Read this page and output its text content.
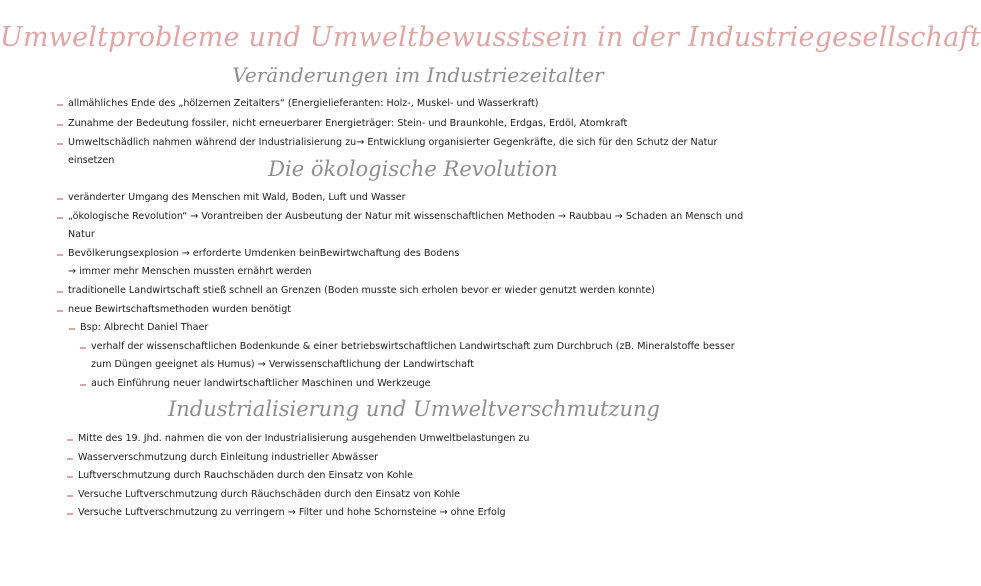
Umweltprobleme und Umweltbewusstsein in der Industriegesellschaft
Veränderungen im Industriezeitalter
allmähliches Ende des „hölzernen Zeitalters“ (Energielieferanten: Holz-, Muskel- und Wasserkraft)
Zunahme der Bedeutung fossiler, nicht erneuerbarer Energieträger: Stein- und Braunkohle, Erdgas, Erdöl, Atomkraft
Umweltschädlich nahmen während der Industrialisierung zu→ Entwicklung organisierter Gegenkräfte, die sich für den Schutz der Natur
einsetzen	Die ökologische Revolution
veränderter Umgang des Menschen mit Wald, Boden, Luft und Wasser
„ökologische Revolution“ → Vorantreiben der Ausbeutung der Natur mit wissenschaftlichen Methoden → Raubbau → Schaden an Mensch und
Natur
Bevölkerungsexplosion → erforderte Umdenken beinBewirtwchaftung des Bodens
→ immer mehr Menschen mussten ernährt werden
traditionelle Landwirtschaft stieß schnell an Grenzen (Boden musste sich erholen bevor er wieder genutzt werden konnte)
neue Bewirtschaftsmethoden wurden benötigt
Bsp: Albrecht Daniel Thaer
verhalf der wissenschaftlichen Bodenkunde & einer betriebswirtschaftlichen Landwirtschaft zum Durchbruch (zB. Mineralstoffe besser
zum Düngen geeignet als Humus) → Verwissenschaftlichung der Landwirtschaft
auch Einführung neuer landwirtschaftlicher Maschinen und Werkzeuge
Industrialisierung und Umweltverschmutzung
Mitte des 19. Jhd. nahmen die von der Industrialisierung ausgehenden Umweltbelastungen zu
Wasserverschmutzung durch Einleitung industrieller Abwässer
Luftverschmutzung durch Rauchschäden durch den Einsatz von Kohle
Versuche Luftverschmutzung durch Räuchschäden durch den Einsatz von Kohle
Versuche Luftverschmutzung zu verringern → Filter und hohe Schornsteine → ohne Erfolg
